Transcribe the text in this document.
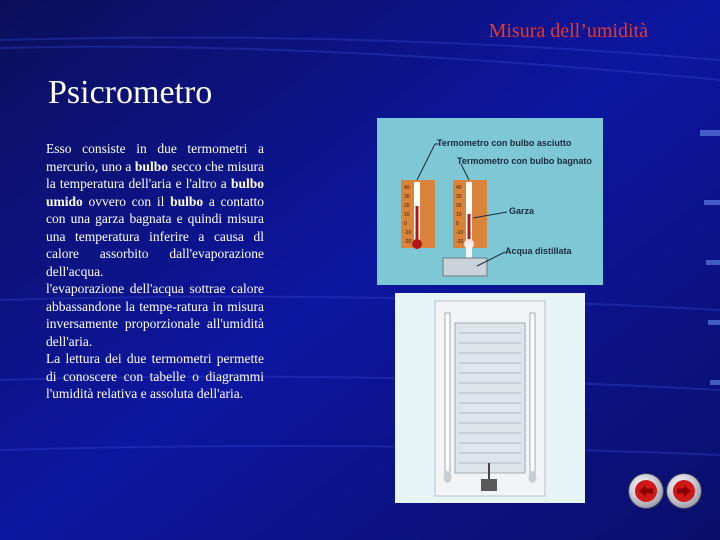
Misura dell’umidità
Psicrometro

Esso consiste in due termometri a mercurio, uno a bulbo secco che misura la temperatura dell'aria e l'altro a bulbo umido ovvero con il bulbo a contatto con una garza bagnata e quindi misura una temperatura inferire a causa dl calore assorbito dall'evaporazione dell'acqua.

l'evaporazione dell'acqua sottrae calore abbassandone la tempe-ratura in misura inversamente proporzionale all'umidità dell'aria.

La lettura dei due termometri permette di conoscere con tabelle o diagrammi l'umidità relativa e assoluta dell'aria.

Termometro con bulbo asciutto
Termometro con bulbo bagnato
Garza
Acqua distillata
40
30
20
10
0
-10
-20
40
30
20
10
0
-10
-20
